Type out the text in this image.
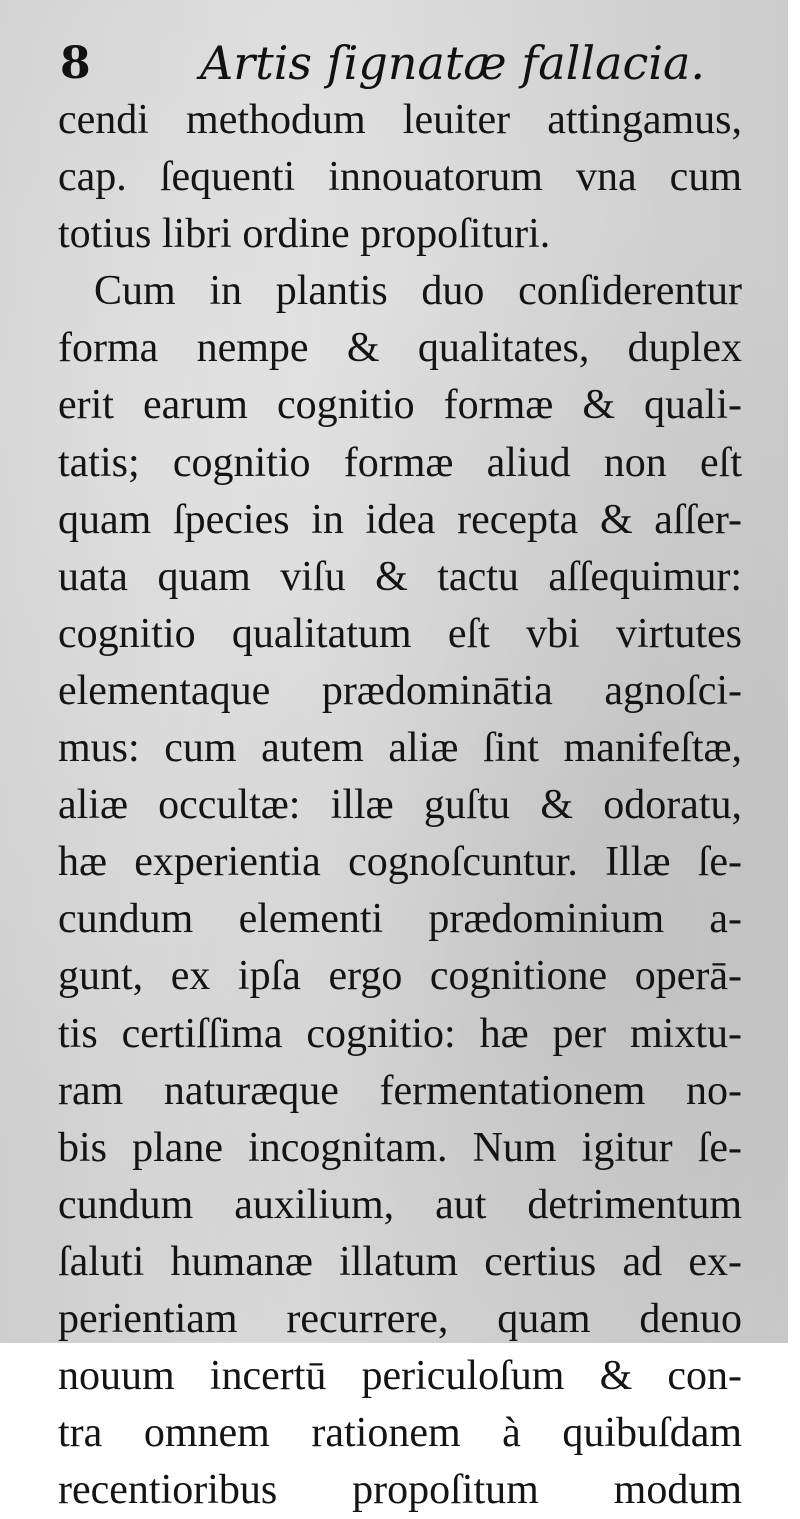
8 Artis ſignatæ fallacia.
cendi methodum leuiter attingamus,
cap. ſequenti innouatorum vna cum
totius libri ordine propoſituri.
Cum in plantis duo conſiderentur
forma nempe & qualitates, duplex
erit earum cognitio formæ & quali-
tatis; cognitio formæ aliud non eſt
quam ſpecies in idea recepta & aſſer-
uata quam viſu & tactu aſſequimur:
cognitio qualitatum eſt vbi virtutes
elementaque prædominātia agnoſci-
mus: cum autem aliæ ſint manifeſtæ,
aliæ occultæ: illæ guſtu & odoratu,
hæ experientia cognoſcuntur. Illæ ſe-
cundum elementi prædominium a-
gunt, ex ipſa ergo cognitione operā-
tis certiſſima cognitio: hæ per mixtu-
ram naturæque fermentationem no-
bis plane incognitam. Num igitur ſe-
cundum auxilium, aut detrimentum
ſaluti humanæ illatum certius ad ex-
perientiam recurrere, quam denuo
nouum incertū periculoſum & con-
tra omnem rationem à quibuſdam
recentioribus propoſitum modum
